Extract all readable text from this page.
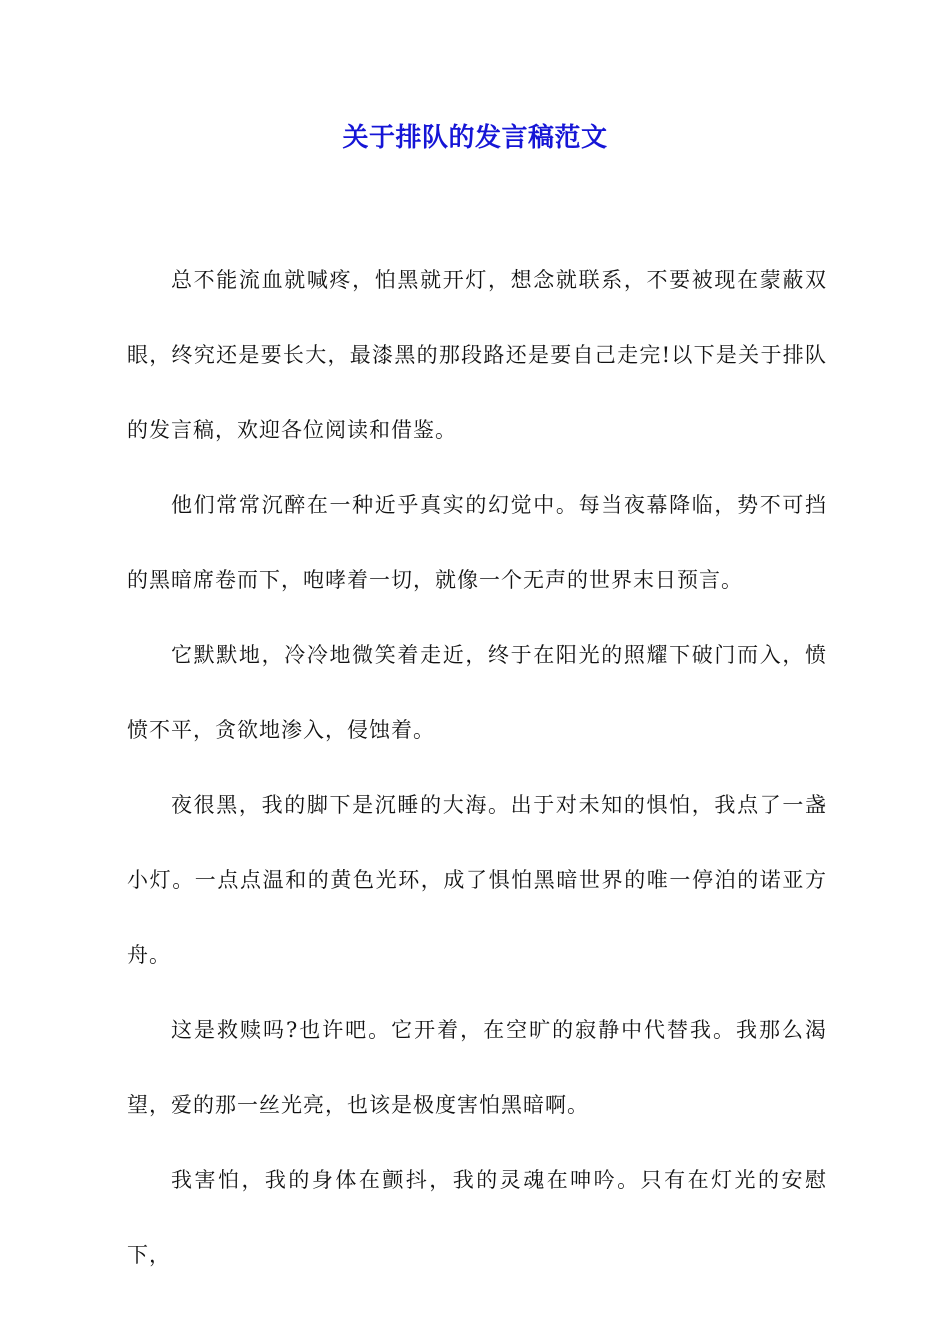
关于排队的发言稿范文

总不能流血就喊疼，怕黑就开灯，想念就联系，不要被现在蒙蔽双眼，终究还是要长大，最漆黑的那段路还是要自己走完!以下是关于排队的发言稿，欢迎各位阅读和借鉴。

他们常常沉醉在一种近乎真实的幻觉中。每当夜幕降临，势不可挡的黑暗席卷而下，咆哮着一切，就像一个无声的世界末日预言。

它默默地，冷冷地微笑着走近，终于在阳光的照耀下破门而入，愤愤不平，贪欲地渗入，侵蚀着。

夜很黑，我的脚下是沉睡的大海。出于对未知的惧怕，我点了一盏小灯。一点点温和的黄色光环，成了惧怕黑暗世界的唯一停泊的诺亚方舟。

这是救赎吗?也许吧。它开着，在空旷的寂静中代替我。我那么渴望，爱的那一丝光亮，也该是极度害怕黑暗啊。

我害怕，我的身体在颤抖，我的灵魂在呻吟。只有在灯光的安慰下，
